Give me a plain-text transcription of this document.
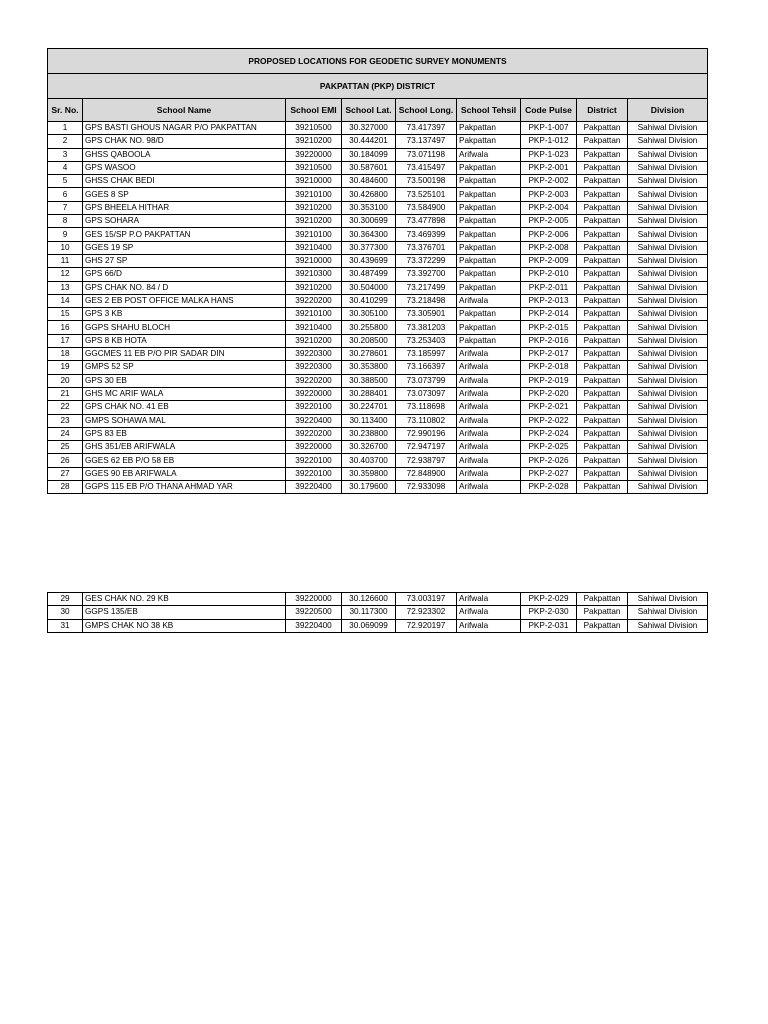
PROPOSED LOCATIONS FOR GEODETIC SURVEY MONUMENTS								
PAKPATTAN (PKP) DISTRICT								
Sr. No.	School Name	School EMI	School Lat.	School Long.	School Tehsil	Code Pulse	District	Division
1	GPS BASTI GHOUS NAGAR P/O PAKPATTAN	39210500	30.327000	73.417397	Pakpattan	PKP-1-007	Pakpattan	Sahiwal Division
2	GPS CHAK NO. 98/D	39210200	30.444201	73.137497	Pakpattan	PKP-1-012	Pakpattan	Sahiwal Division
3	GHSS QABOOLA	39220000	30.184099	73.071198	Arifwala	PKP-1-023	Pakpattan	Sahiwal Division
4	GPS WASOO	39210500	30.587601	73.415497	Pakpattan	PKP-2-001	Pakpattan	Sahiwal Division
5	GHSS CHAK BEDI	39210000	30.484600	73.500198	Pakpattan	PKP-2-002	Pakpattan	Sahiwal Division
6	GGES 8 SP	39210100	30.426800	73.525101	Pakpattan	PKP-2-003	Pakpattan	Sahiwal Division
7	GPS BHEELA HITHAR	39210200	30.353100	73.584900	Pakpattan	PKP-2-004	Pakpattan	Sahiwal Division
8	GPS SOHARA	39210200	30.300699	73.477898	Pakpattan	PKP-2-005	Pakpattan	Sahiwal Division
9	GES 15/SP P.O PAKPATTAN	39210100	30.364300	73.469399	Pakpattan	PKP-2-006	Pakpattan	Sahiwal Division
10	GGES 19 SP	39210400	30.377300	73.376701	Pakpattan	PKP-2-008	Pakpattan	Sahiwal Division
11	GHS 27 SP	39210000	30.439699	73.372299	Pakpattan	PKP-2-009	Pakpattan	Sahiwal Division
12	GPS 66/D	39210300	30.487499	73.392700	Pakpattan	PKP-2-010	Pakpattan	Sahiwal Division
13	GPS CHAK NO. 84 / D	39210200	30.504000	73.217499	Pakpattan	PKP-2-011	Pakpattan	Sahiwal Division
14	GES 2 EB POST OFFICE MALKA HANS	39220200	30.410299	73.218498	Arifwala	PKP-2-013	Pakpattan	Sahiwal Division
15	GPS 3 KB	39210100	30.305100	73.305901	Pakpattan	PKP-2-014	Pakpattan	Sahiwal Division
16	GGPS SHAHU BLOCH	39210400	30.255800	73.381203	Pakpattan	PKP-2-015	Pakpattan	Sahiwal Division
17	GPS 8 KB HOTA	39210200	30.208500	73.253403	Pakpattan	PKP-2-016	Pakpattan	Sahiwal Division
18	GGCMES 11 EB P/O PIR SADAR DIN	39220300	30.278601	73.185997	Arifwala	PKP-2-017	Pakpattan	Sahiwal Division
19	GMPS 52 SP	39220300	30.353800	73.166397	Arifwala	PKP-2-018	Pakpattan	Sahiwal Division
20	GPS 30 EB	39220200	30.388500	73.073799	Arifwala	PKP-2-019	Pakpattan	Sahiwal Division
21	GHS MC ARIF WALA	39220000	30.288401	73.073097	Arifwala	PKP-2-020	Pakpattan	Sahiwal Division
22	GPS CHAK NO. 41 EB	39220100	30.224701	73.118698	Arifwala	PKP-2-021	Pakpattan	Sahiwal Division
23	GMPS SOHAWA MAL	39220400	30.113400	73.110802	Arifwala	PKP-2-022	Pakpattan	Sahiwal Division
24	GPS 83 EB	39220200	30.238800	72.990196	Arifwala	PKP-2-024	Pakpattan	Sahiwal Division
25	GHS 351/EB ARIFWALA	39220000	30.326700	72.947197	Arifwala	PKP-2-025	Pakpattan	Sahiwal Division
26	GGES 62 EB P/O 58 EB	39220100	30.403700	72.938797	Arifwala	PKP-2-026	Pakpattan	Sahiwal Division
27	GGES 90 EB ARIFWALA	39220100	30.359800	72.848900	Arifwala	PKP-2-027	Pakpattan	Sahiwal Division
28	GGPS 115 EB P/O THANA AHMAD YAR	39220400	30.179600	72.933098	Arifwala	PKP-2-028	Pakpattan	Sahiwal Division
29	GES CHAK NO. 29 KB	39220000	30.126600	73.003197	Arifwala	PKP-2-029	Pakpattan	Sahiwal Division
30	GGPS 135/EB	39220500	30.117300	72.923302	Arifwala	PKP-2-030	Pakpattan	Sahiwal Division
31	GMPS CHAK NO 38 KB	39220400	30.069099	72.920197	Arifwala	PKP-2-031	Pakpattan	Sahiwal Division
